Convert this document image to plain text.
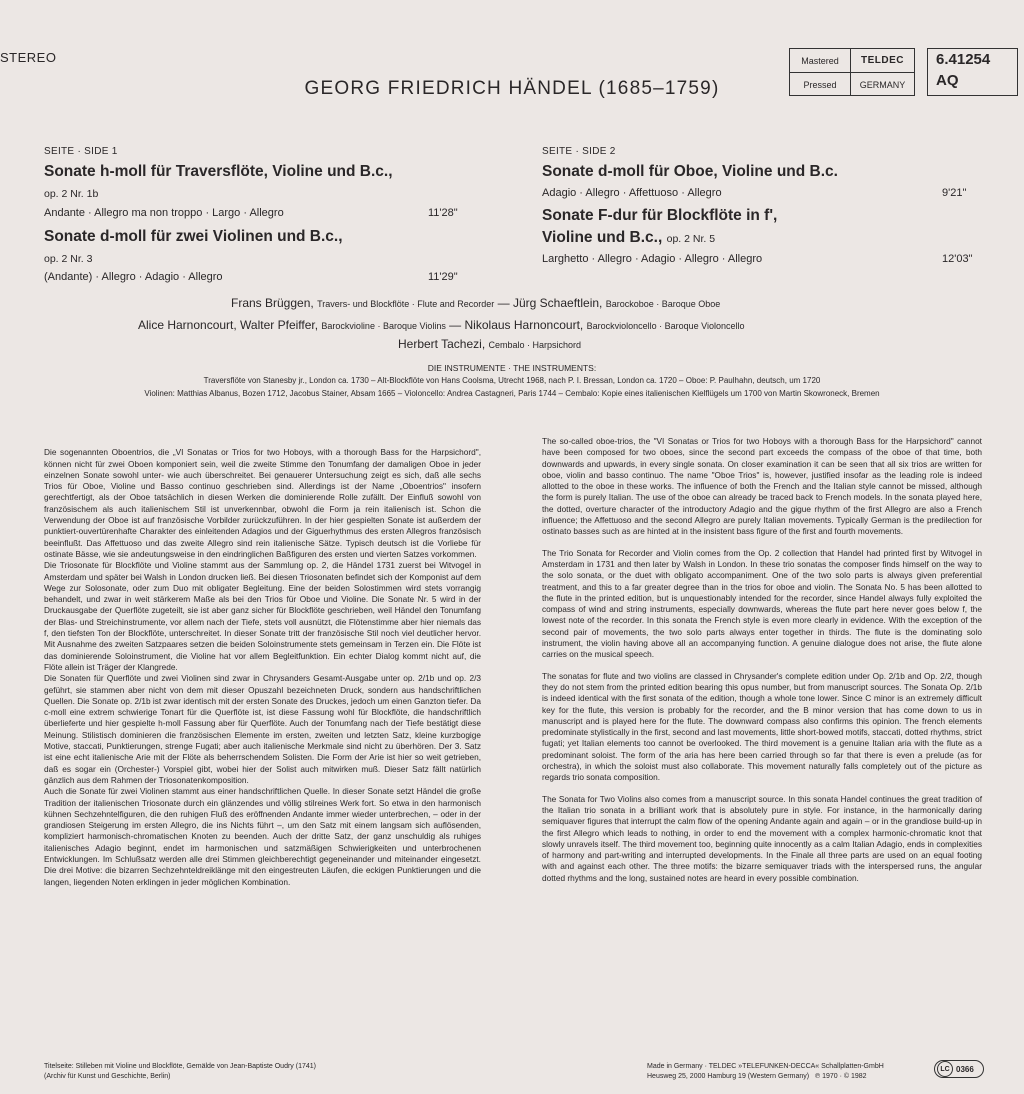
STEREO
GEORG FRIEDRICH HÄNDEL (1685–1759)
Mastered	TELDEC
Pressed	GERMANY
6.41254
AQ
SEITE · SIDE 1
Sonate h-moll für Traversflöte, Violine und B.c.,
op. 2 Nr. 1b
Andante · Allegro ma non troppo · Largo · Allegro	11'28"
Sonate d-moll für zwei Violinen und B.c.,
op. 2 Nr. 3
(Andante) · Allegro · Adagio · Allegro	11'29"
SEITE · SIDE 2
Sonate d-moll für Oboe, Violine und B.c.
Adagio · Allegro · Affettuoso · Allegro	9'21"
Sonate F-dur für Blockflöte in f',
Violine und B.c., op. 2 Nr. 5
Larghetto · Allegro · Adagio · Allegro · Allegro	12'03"
Frans Brüggen, Travers- und Blockflöte · Flute and Recorder — Jürg Schaeftlein, Barockoboe · Baroque Oboe
Alice Harnoncourt, Walter Pfeiffer, Barockvioline · Baroque Violins — Nikolaus Harnoncourt, Barockvioloncello · Baroque Violoncello
Herbert Tachezi, Cembalo · Harpsichord
DIE INSTRUMENTE · THE INSTRUMENTS:
Traversflöte von Stanesby jr., London ca. 1730 – Alt-Blockflöte von Hans Coolsma, Utrecht 1968, nach P. I. Bressan, London ca. 1720 – Oboe: P. Paulhahn, deutsch, um 1720
Violinen: Matthias Albanus, Bozen 1712, Jacobus Stainer, Absam 1665 – Violoncello: Andrea Castagneri, Paris 1744 – Cembalo: Kopie eines italienischen Kielflügels um 1700 von Martin Skowroneck, Bremen

Die sogenannten Oboentrios, die „VI Sonatas or Trios for two Hoboys, with a thorough Bass for the Harpsichord", können nicht für zwei Oboen komponiert sein, weil die zweite Stimme den Tonumfang der damaligen Oboe in jeder einzelnen Sonate sowohl unter- wie auch überschreitet. Bei genauerer Untersuchung zeigt es sich, daß alle sechs Trios für Oboe, Violine und Basso continuo geschrieben sind. Allerdings ist der Name „Oboentrios" insofern gerechtfertigt, als der Oboe tatsächlich in diesen Werken die dominierende Rolle zufällt. Der Einfluß sowohl von französischem als auch italienischem Stil ist unverkennbar, obwohl die Form ja rein italienisch ist. Schon die Verwendung der Oboe ist auf französische Vorbilder zurückzuführen. In der hier gespielten Sonate ist außerdem der punktiert-ouvertürenhafte Charakter des einleitenden Adagios und der Giguerhythmus des ersten Allegros französisch beeinflußt. Das Affettuoso und das zweite Allegro sind rein italienische Sätze. Typisch deutsch ist die Vorliebe für ostinate Bässe, wie sie andeutungsweise in den eindringlichen Baßfiguren des ersten und vierten Satzes vorkommen.
Die Triosonate für Blockflöte und Violine stammt aus der Sammlung op. 2, die Händel 1731 zuerst bei Witvogel in Amsterdam und später bei Walsh in London drucken ließ. Bei diesen Triosonaten befindet sich der Komponist auf dem Wege zur Solosonate, oder zum Duo mit obligater Begleitung. Eine der beiden Solostimmen wird stets vorrangig behandelt, und zwar in weit stärkerem Maße als bei den Trios für Oboe und Violine. Die Sonate Nr. 5 wird in der Druckausgabe der Querflöte zugeteilt, sie ist aber ganz sicher für Blockflöte geschrieben, weil Händel den Tonumfang der Blas- und Streichinstrumente, vor allem nach der Tiefe, stets voll ausnützt, die Flötenstimme aber hier niemals das f, den tiefsten Ton der Blockflöte, unterschreitet. In dieser Sonate tritt der französische Stil noch viel deutlicher hervor. Mit Ausnahme des zweiten Satzpaares setzen die beiden Soloinstrumente stets gemeinsam in Terzen ein. Die Flöte ist das dominierende Soloinstrument, die Violine hat vor allem Begleitfunktion. Ein echter Dialog kommt nicht auf, die Flöte allein ist Träger der Klangrede.
Die Sonaten für Querflöte und zwei Violinen sind zwar in Chrysanders Gesamt-Ausgabe unter op. 2/1b und op. 2/3 geführt, sie stammen aber nicht von dem mit dieser Opuszahl bezeichneten Druck, sondern aus handschriftlichen Quellen. Die Sonate op. 2/1b ist zwar identisch mit der ersten Sonate des Druckes, jedoch um einen Ganzton tiefer. Da c-moll eine extrem schwierige Tonart für die Querflöte ist, ist diese Fassung wohl für Blockflöte, die handschriftlich überlieferte und hier gespielte h-moll Fassung aber für Querflöte. Auch der Tonumfang nach der Tiefe bestätigt diese Meinung. Stilistisch dominieren die französischen Elemente im ersten, zweiten und letzten Satz, kleine kurzbogige Motive, staccati, Punktierungen, strenge Fugati; aber auch italienische Merkmale sind nicht zu überhören. Der 3. Satz ist eine echt italienische Arie mit der Flöte als beherrschendem Solisten. Die Form der Arie ist hier so weit getrieben, daß es sogar ein (Orchester-) Vorspiel gibt, wobei hier der Solist auch mitwirken muß. Dieser Satz fällt natürlich gänzlich aus dem Rahmen der Triosonatenkomposition.
Auch die Sonate für zwei Violinen stammt aus einer handschriftlichen Quelle. In dieser Sonate setzt Händel die große Tradition der italienischen Triosonate durch ein glänzendes und völlig stilreines Werk fort. So etwa in den harmonisch kühnen Sechzehntelfiguren, die den ruhigen Fluß des eröffnenden Andante immer wieder unterbrechen, – oder in der grandiosen Steigerung im ersten Allegro, die ins Nichts führt –, um den Satz mit einem langsam sich auflösenden, kompliziert harmonisch-chromatischen Knoten zu beenden. Auch der dritte Satz, der ganz unschuldig als ruhiges italienisches Adagio beginnt, endet im harmonischen und satzmäßigen Schwierigkeiten und unterbrochenen Entwicklungen. Im Schlußsatz werden alle drei Stimmen gleichberechtigt gegeneinander und miteinander eingesetzt. Die drei Motive: die bizarren Sechzehnteldreiklänge mit den eingestreuten Läufen, die eckigen Punktierungen und die langen, liegenden Noten erklingen in jeder möglichen Kombination.

The so-called oboe-trios, the "VI Sonatas or Trios for two Hoboys with a thorough Bass for the Harpsichord" cannot have been composed for two oboes, since the second part exceeds the compass of the oboe of that time, both downwards and upwards, in every single sonata. On closer examination it can be seen that all six trios are written for oboe, violin and basso continuo. The name "Oboe Trios" is, however, justified insofar as the leading role is indeed allotted to the oboe in these works. The influence of both the French and the Italian style cannot be missed, although the form is purely Italian. The use of the oboe can already be traced back to French models. In the sonata played here, the dotted, overture character of the introductory Adagio and the gigue rhythm of the first Allegro are also a French influence; the Affettuoso and the second Allegro are purely Italian movements. Typically German is the predilection for ostinato basses such as are hinted at in the insistent bass figure of the first and fourth movements.

The Trio Sonata for Recorder and Violin comes from the Op. 2 collection that Handel had printed first by Witvogel in Amsterdam in 1731 and then later by Walsh in London. In these trio sonatas the composer finds himself on the way to the solo sonata, or the duet with obligato accompaniment. One of the two solo parts is always given preferential treatment, and this to a far greater degree than in the trios for oboe and violin. The Sonata No. 5 has been allotted to the flute in the printed edition, but is unquestionably intended for the recorder, since Handel always fully exploited the compass of wind and string instruments, especially downwards, whereas the flute part here never goes below f, the lowest note of the recorder. In this sonata the French style is even more clearly in evidence. With the exception of the second pair of movements, the two solo parts always enter together in thirds. The flute is the dominating solo instrument, the violin having above all an accompanying function. A genuine dialogue does not arise, the flute alone carries on the musical speech.

The sonatas for flute and two violins are classed in Chrysander's complete edition under Op. 2/1b and Op. 2/2, though they do not stem from the printed edition bearing this opus number, but from manuscript sources. The Sonata Op. 2/1b is indeed identical with the first sonata of the edition, though a whole tone lower. Since C minor is an extremely difficult key for the flute, this version is probably for the recorder, and the B minor version that has come down to us in manuscript and is played here for the flute. The downward compass also confirms this opinion. The french elements predominate stylistically in the first, second and last movements, little short-bowed motifs, staccati, dotted rhythms, strict fugati; yet Italian elements too cannot be overlooked. The third movement is a genuine Italian aria with the flute as a predominant soloist. The form of the aria has here been carried through so far that there is even a prelude (as for orchestra), in which the soloist must also collaborate. This movement naturally falls completely out of the picture as regards trio sonata composition.

The Sonata for Two Violins also comes from a manuscript source. In this sonata Handel continues the great tradition of the Italian trio sonata in a brilliant work that is absolutely pure in style. For instance, in the harmonically daring semiquaver figures that interrupt the calm flow of the opening Andante again and again – or in the grandiose build-up in the first Allegro which leads to nothing, in order to end the movement with a complex harmonic-chromatic knot that slowly unravels itself. The third movement too, beginning quite innocently as a calm Italian Adagio, ends in complexities of harmony and part-writing and interrupted developments. In the Finale all three parts are used on an equal footing with and against each other. The three motifs: the bizarre semiquaver triads with the interspersed runs, the angular dotted rhythms and the long, sustained notes are heard in every possible combination.

Titelseite: Stilleben mit Violine und Blockflöte, Gemälde von Jean-Baptiste Oudry (1741)
(Archiv für Kunst und Geschichte, Berlin)
Made in Germany · TELDEC »TELEFUNKEN-DECCA« Schallplatten-GmbH
Heusweg 25, 2000 Hamburg 19 (Western Germany) ℗ 1970 · © 1982
LC 0366
